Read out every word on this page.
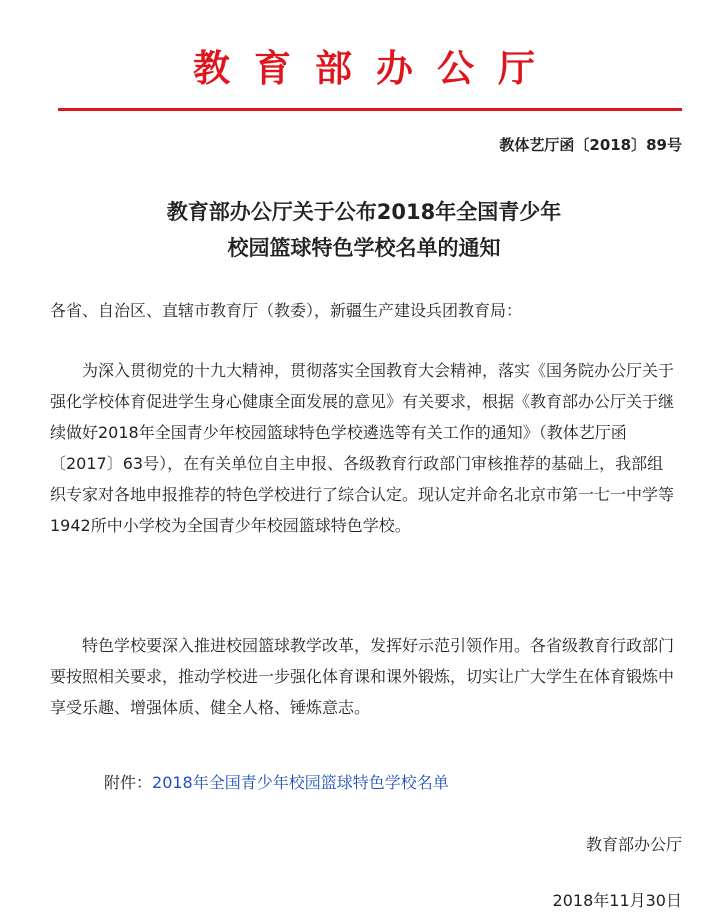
教育部办公厅
教体艺厅函〔2018〕89号
教育部办公厅关于公布2018年全国青少年
校园篮球特色学校名单的通知
各省、自治区、直辖市教育厅（教委），新疆生产建设兵团教育局：
为深入贯彻党的十九大精神，贯彻落实全国教育大会精神，落实《国务院办公厅关于强化学校体育促进学生身心健康全面发展的意见》有关要求，根据《教育部办公厅关于继续做好2018年全国青少年校园篮球特色学校遴选等有关工作的通知》（教体艺厅函〔2017〕63号），在有关单位自主申报、各级教育行政部门审核推荐的基础上，我部组织专家对各地申报推荐的特色学校进行了综合认定。现认定并命名北京市第一七一中学等1942所中小学校为全国青少年校园篮球特色学校。
特色学校要深入推进校园篮球教学改革，发挥好示范引领作用。各省级教育行政部门要按照相关要求，推动学校进一步强化体育课和课外锻炼，切实让广大学生在体育锻炼中享受乐趣、增强体质、健全人格、锤炼意志。
附件：2018年全国青少年校园篮球特色学校名单
教育部办公厅
2018年11月30日
